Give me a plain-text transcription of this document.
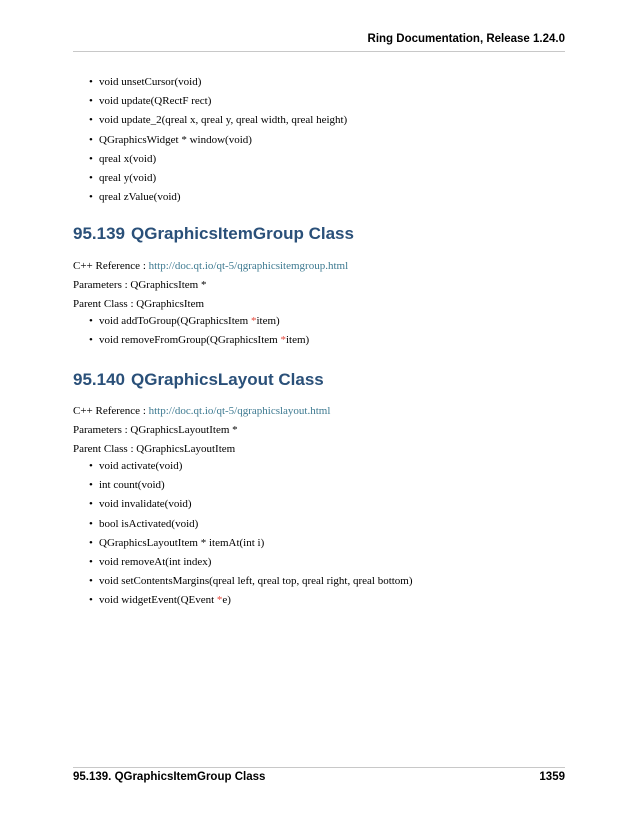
Ring Documentation, Release 1.24.0
• void unsetCursor(void)
• void update(QRectF rect)
• void update_2(qreal x, qreal y, qreal width, qreal height)
• QGraphicsWidget * window(void)
• qreal x(void)
• qreal y(void)
• qreal zValue(void)
95.139 QGraphicsItemGroup Class

C++ Reference : http://doc.qt.io/qt-5/qgraphicsitemgroup.html

Parameters : QGraphicsItem *

Parent Class : QGraphicsItem

• void addToGroup(QGraphicsItem *item)
• void removeFromGroup(QGraphicsItem *item)
95.140 QGraphicsLayout Class

C++ Reference : http://doc.qt.io/qt-5/qgraphicslayout.html

Parameters : QGraphicsLayoutItem *

Parent Class : QGraphicsLayoutItem

• void activate(void)
• int count(void)
• void invalidate(void)
• bool isActivated(void)
• QGraphicsLayoutItem * itemAt(int i)
• void removeAt(int index)
• void setContentsMargins(qreal left, qreal top, qreal right, qreal bottom)
• void widgetEvent(QEvent *e)
95.139. QGraphicsItemGroup Class	1359
